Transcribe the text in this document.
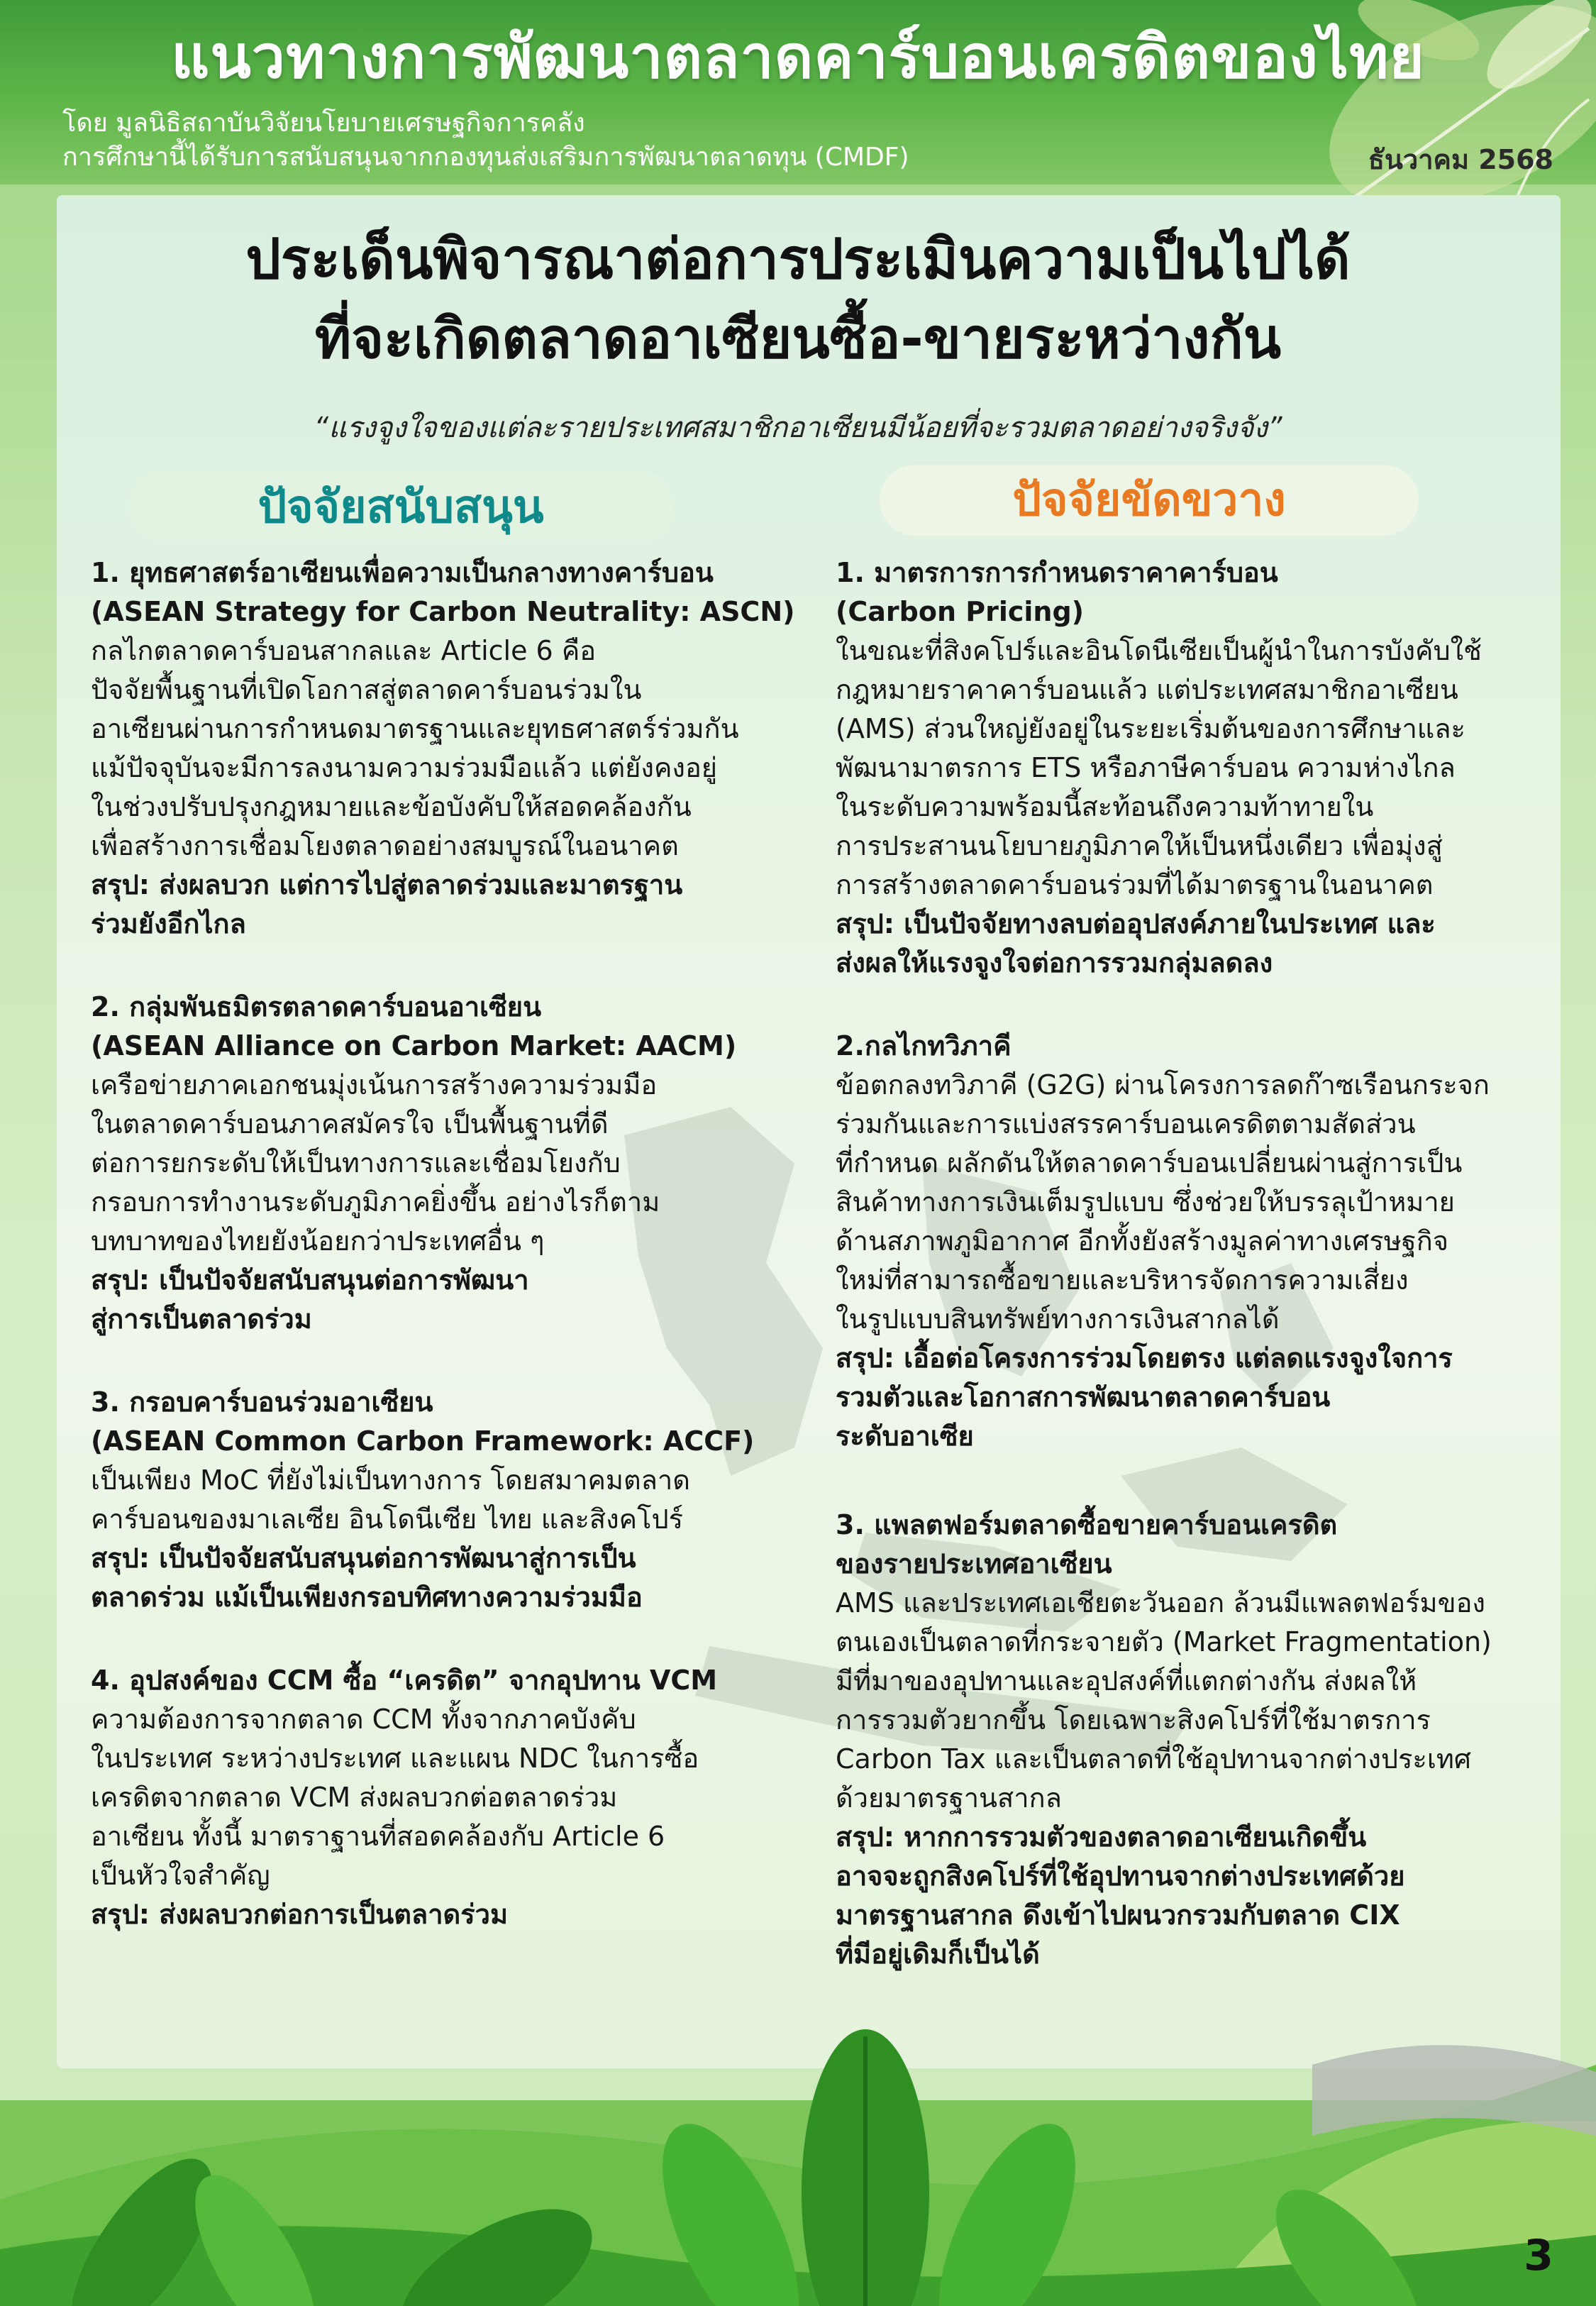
แนวทางการพัฒนาตลาดคาร์บอนเครดิตของไทย
โดย มูลนิธิสถาบันวิจัยนโยบายเศรษฐกิจการคลัง
การศึกษานี้ได้รับการสนับสนุนจากกองทุนส่งเสริมการพัฒนาตลาดทุน (CMDF)	ธันวาคม 2568
ประเด็นพิจารณาต่อการประเมินความเป็นไปได้
ที่จะเกิดตลาดอาเซียนซื้อ-ขายระหว่างกัน
“แรงจูงใจของแต่ละรายประเทศสมาชิกอาเซียนมีน้อยที่จะรวมตลาดอย่างจริงจัง”
ปัจจัยสนับสนุน	ปัจจัยขัดขวาง
1. ยุทธศาสตร์อาเซียนเพื่อความเป็นกลางทางคาร์บอน
(ASEAN Strategy for Carbon Neutrality: ASCN)
กลไกตลาดคาร์บอนสากลและ Article 6 คือ
ปัจจัยพื้นฐานที่เปิดโอกาสสู่ตลาดคาร์บอนร่วมใน
อาเซียนผ่านการกำหนดมาตรฐานและยุทธศาสตร์ร่วมกัน
แม้ปัจจุบันจะมีการลงนามความร่วมมือแล้ว แต่ยังคงอยู่
ในช่วงปรับปรุงกฎหมายและข้อบังคับให้สอดคล้องกัน
เพื่อสร้างการเชื่อมโยงตลาดอย่างสมบูรณ์ในอนาคต
สรุป: ส่งผลบวก แต่การไปสู่ตลาดร่วมและมาตรฐาน
ร่วมยังอีกไกล
2. กลุ่มพันธมิตรตลาดคาร์บอนอาเซียน
(ASEAN Alliance on Carbon Market: AACM)
เครือข่ายภาคเอกชนมุ่งเน้นการสร้างความร่วมมือ
ในตลาดคาร์บอนภาคสมัครใจ เป็นพื้นฐานที่ดี
ต่อการยกระดับให้เป็นทางการและเชื่อมโยงกับ
กรอบการทำงานระดับภูมิภาคยิ่งขึ้น อย่างไรก็ตาม
บทบาทของไทยยังน้อยกว่าประเทศอื่น ๆ
สรุป: เป็นปัจจัยสนับสนุนต่อการพัฒนา
สู่การเป็นตลาดร่วม
3. กรอบคาร์บอนร่วมอาเซียน
(ASEAN Common Carbon Framework: ACCF)
เป็นเพียง MoC ที่ยังไม่เป็นทางการ โดยสมาคมตลาด
คาร์บอนของมาเลเซีย อินโดนีเซีย ไทย และสิงคโปร์
สรุป: เป็นปัจจัยสนับสนุนต่อการพัฒนาสู่การเป็น
ตลาดร่วม แม้เป็นเพียงกรอบทิศทางความร่วมมือ
4. อุปสงค์ของ CCM ซื้อ “เครดิต” จากอุปทาน VCM
ความต้องการจากตลาด CCM ทั้งจากภาคบังคับ
ในประเทศ ระหว่างประเทศ และแผน NDC ในการซื้อ
เครดิตจากตลาด VCM ส่งผลบวกต่อตลาดร่วม
อาเซียน ทั้งนี้ มาตราฐานที่สอดคล้องกับ Article 6
เป็นหัวใจสำคัญ
สรุป: ส่งผลบวกต่อการเป็นตลาดร่วม
1. มาตรการการกำหนดราคาคาร์บอน
(Carbon Pricing)
ในขณะที่สิงคโปร์และอินโดนีเซียเป็นผู้นำในการบังคับใช้
กฎหมายราคาคาร์บอนแล้ว แต่ประเทศสมาชิกอาเซียน
(AMS) ส่วนใหญ่ยังอยู่ในระยะเริ่มต้นของการศึกษาและ
พัฒนามาตรการ ETS หรือภาษีคาร์บอน ความห่างไกล
ในระดับความพร้อมนี้สะท้อนถึงความท้าทายใน
การประสานนโยบายภูมิภาคให้เป็นหนึ่งเดียว เพื่อมุ่งสู่
การสร้างตลาดคาร์บอนร่วมที่ได้มาตรฐานในอนาคต
สรุป: เป็นปัจจัยทางลบต่ออุปสงค์ภายในประเทศ และ
ส่งผลให้แรงจูงใจต่อการรวมกลุ่มลดลง
2.กลไกทวิภาคี
ข้อตกลงทวิภาคี (G2G) ผ่านโครงการลดก๊าซเรือนกระจก
ร่วมกันและการแบ่งสรรคาร์บอนเครดิตตามสัดส่วน
ที่กำหนด ผลักดันให้ตลาดคาร์บอนเปลี่ยนผ่านสู่การเป็น
สินค้าทางการเงินเต็มรูปแบบ ซึ่งช่วยให้บรรลุเป้าหมาย
ด้านสภาพภูมิอากาศ อีกทั้งยังสร้างมูลค่าทางเศรษฐกิจ
ใหม่ที่สามารถซื้อขายและบริหารจัดการความเสี่ยง
ในรูปแบบสินทรัพย์ทางการเงินสากลได้
สรุป: เอื้อต่อโครงการร่วมโดยตรง แต่ลดแรงจูงใจการ
รวมตัวและโอกาสการพัฒนาตลาดคาร์บอน
ระดับอาเซีย
3. แพลตฟอร์มตลาดซื้อขายคาร์บอนเครดิต
ของรายประเทศอาเซียน
AMS และประเทศเอเชียตะวันออก ล้วนมีแพลตฟอร์มของ
ตนเองเป็นตลาดที่กระจายตัว (Market Fragmentation)
มีที่มาของอุปทานและอุปสงค์ที่แตกต่างกัน ส่งผลให้
การรวมตัวยากขึ้น โดยเฉพาะสิงคโปร์ที่ใช้มาตรการ
Carbon Tax และเป็นตลาดที่ใช้อุปทานจากต่างประเทศ
ด้วยมาตรฐานสากล
สรุป: หากการรวมตัวของตลาดอาเซียนเกิดขึ้น
อาจจะถูกสิงคโปร์ที่ใช้อุปทานจากต่างประเทศด้วย
มาตรฐานสากล ดึงเข้าไปผนวกรวมกับตลาด CIX
ที่มีอยู่เดิมก็เป็นได้
3
